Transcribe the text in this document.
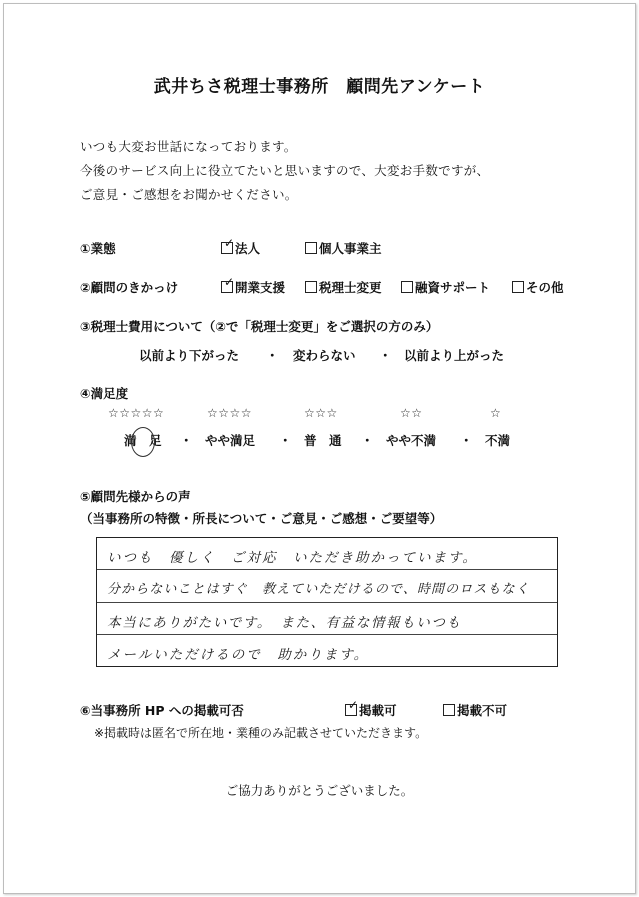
武井ちさ税理士事務所　顧問先アンケート
いつも大変お世話になっております。
今後のサービス向上に役立てたいと思いますので、大変お手数ですが、
ご意見・ご感想をお聞かせください。
①業態	✓ 法人	個人事業主
②顧問のきかっけ	✓ 開業支援	税理士変更	融資サポート	その他
③税理士費用について（②で「税理士変更」をご選択の方のみ）
以前より下がった ・ 変わらない ・ 以前より上がった
④満足度
☆☆☆☆☆	☆☆☆☆	☆☆☆	☆☆	☆
満　足 ・ やや満足 ・ 普　通 ・ やや不満 ・ 不満
⑤顧問先様からの声
（当事務所の特徴・所長について・ご意見・ご感想・ご要望等）
いつも　優しく　ご対応　いただき助かっています。
分からないことはすぐ　教えていただけるので、時間のロスもなく
本当にありがたいです。　また、有益な情報もいつも
メールいただけるので　助かります。
⑥当事務所 HP への掲載可否	✓ 掲載可	掲載不可
※掲載時は匿名で所在地・業種のみ記載させていただきます。
ご協力ありがとうございました。
